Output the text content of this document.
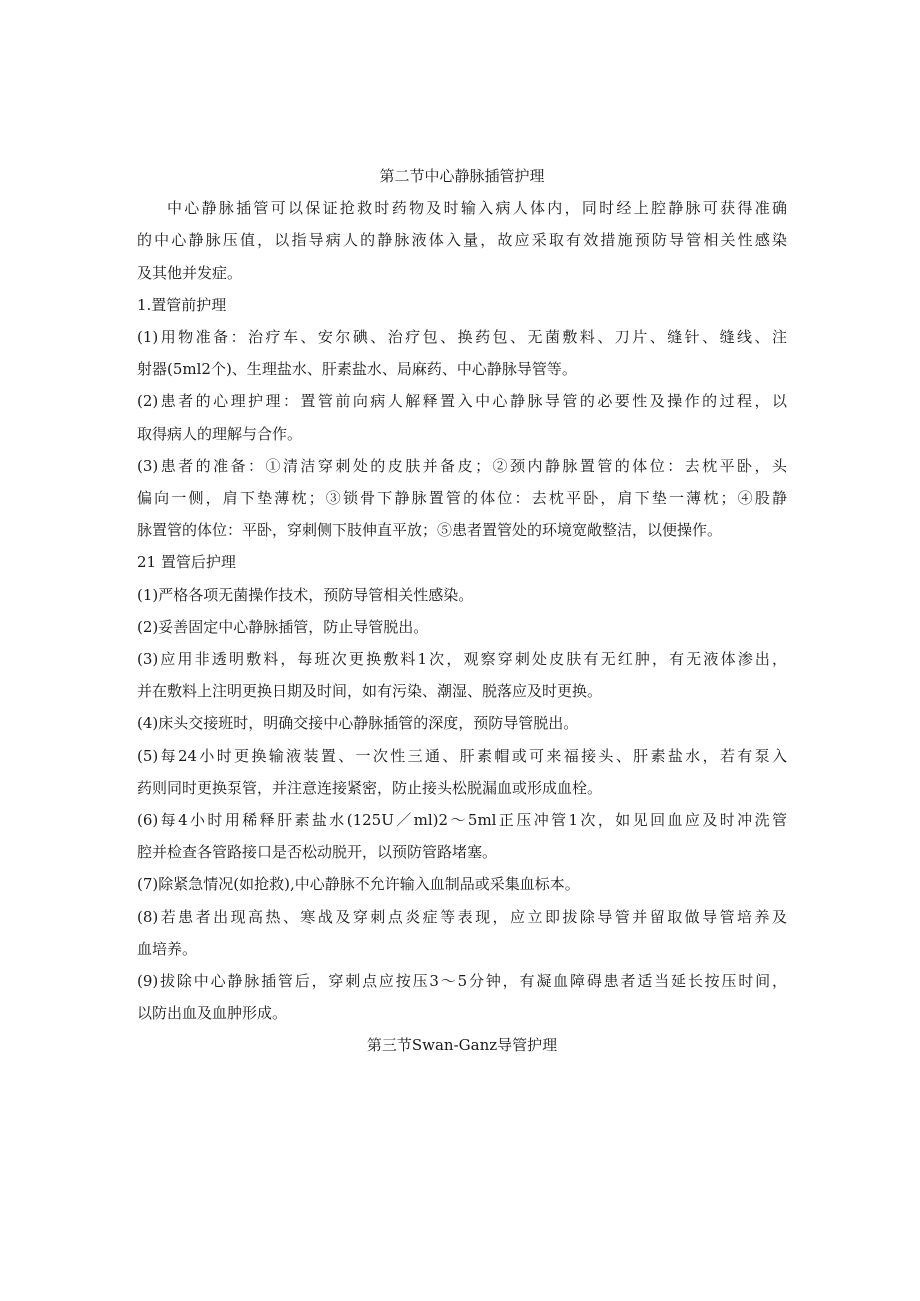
第二节中心静脉插管护理
中心静脉插管可以保证抢救时药物及时输入病人体内，同时经上腔静脉可获得准确
的中心静脉压值，以指导病人的静脉液体入量，故应采取有效措施预防导管相关性感染
及其他并发症。
1.置管前护理
(1)用物准备：治疗车、安尔碘、治疗包、换药包、无菌敷料、刀片、缝针、缝线、注
射器(5ml2个)、生理盐水、肝素盐水、局麻药、中心静脉导管等。
(2)患者的心理护理：置管前向病人解释置入中心静脉导管的必要性及操作的过程，以
取得病人的理解与合作。
(3)患者的准备：①清洁穿刺处的皮肤并备皮；②颈内静脉置管的体位：去枕平卧，头
偏向一侧，肩下垫薄枕；③锁骨下静脉置管的体位：去枕平卧，肩下垫一薄枕；④股静
脉置管的体位：平卧，穿刺侧下肢伸直平放；⑤患者置管处的环境宽敞整洁，以便操作。
21 置管后护理
(1)严格各项无菌操作技术，预防导管相关性感染。
(2)妥善固定中心静脉插管，防止导管脱出。
(3)应用非透明敷料，每班次更换敷料1次，观察穿刺处皮肤有无红肿，有无液体渗出，
并在敷料上注明更换日期及时间，如有污染、潮湿、脱落应及时更换。
(4)床头交接班时，明确交接中心静脉插管的深度，预防导管脱出。
(5)每24小时更换输液装置、一次性三通、肝素帽或可来福接头、肝素盐水，若有泵入
药则同时更换泵管，并注意连接紧密，防止接头松脱漏血或形成血栓。
(6)每4小时用稀释肝素盐水(125U／ml)2～5ml正压冲管1次，如见回血应及时冲洗管
腔并检查各管路接口是否松动脱开，以预防管路堵塞。
(7)除紧急情况(如抢救),中心静脉不允许输入血制品或采集血标本。
(8)若患者出现高热、寒战及穿刺点炎症等表现，应立即拔除导管并留取做导管培养及
血培养。
(9)拔除中心静脉插管后，穿刺点应按压3～5分钟，有凝血障碍患者适当延长按压时间，
以防出血及血肿形成。
第三节Swan-Ganz导管护理
